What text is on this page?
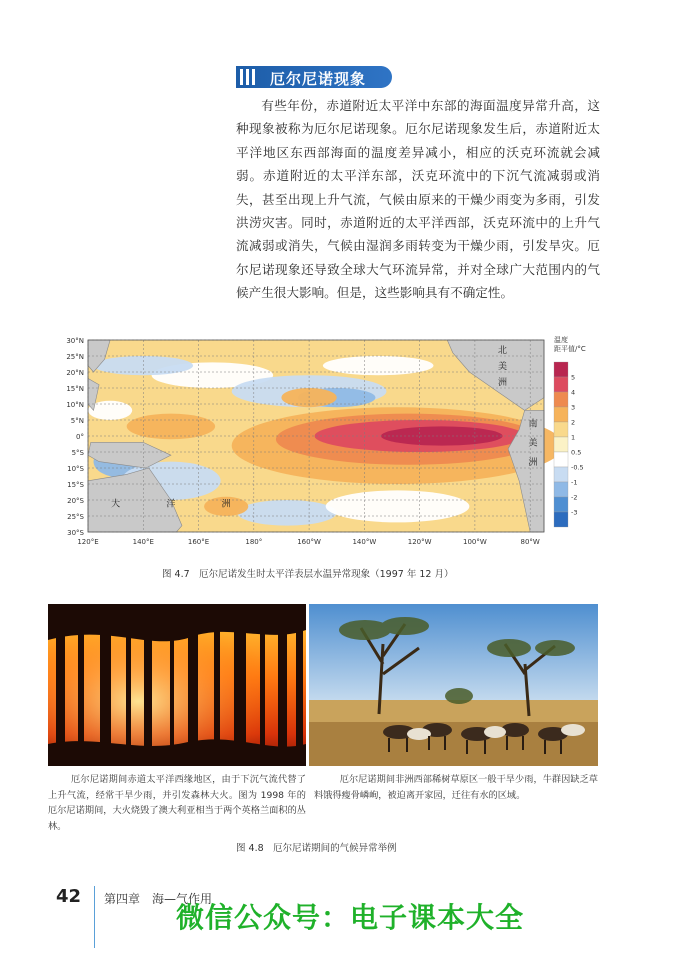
厄尔尼诺现象

有些年份，赤道附近太平洋中东部的海面温度异常升高，这种现象被称为厄尔尼诺现象。厄尔尼诺现象发生后，赤道附近太平洋地区东西部海面的温度差异减小，相应的沃克环流就会减弱。赤道附近的太平洋东部，沃克环流中的下沉气流减弱或消失，甚至出现上升气流，气候由原来的干燥少雨变为多雨，引发洪涝灾害。同时，赤道附近的太平洋西部，沃克环流中的上升气流减弱或消失，气候由湿润多雨转变为干燥少雨，引发旱灾。厄尔尼诺现象还导致全球大气环流异常，并对全球广大范围内的气候产生很大影响。但是，这些影响具有不确定性。

30°N
25°N
20°N
15°N
10°N
5°N
0°
5°S
10°S
15°S
20°S
25°S
30°S
120°E	140°E	160°E	180°	160°W	140°W	120°W	100°W	80°W
北
美
洲
南
美
洲
大	洋	洲
温度
距平值/°C
5
4
3
2
1
0.5
-0.5
-1
-2
-3
图 4.7　厄尔尼诺发生时太平洋表层水温异常现象（1997 年 12 月）
厄尔尼诺期间赤道太平洋西缘地区，由于下沉气流代替了上升气流，经常干旱少雨，并引发森林大火。图为 1998 年的厄尔尼诺期间，大火烧毁了澳大利亚相当于两个英格兰面积的丛林。
厄尔尼诺期间非洲西部稀树草原区一般干旱少雨，牛群因缺乏草料饿得瘦骨嶙峋，被迫离开家园，迁往有水的区域。
图 4.8　厄尔尼诺期间的气候异常举例
42 第四章　海—气作用
微信公众号：电子课本大全
